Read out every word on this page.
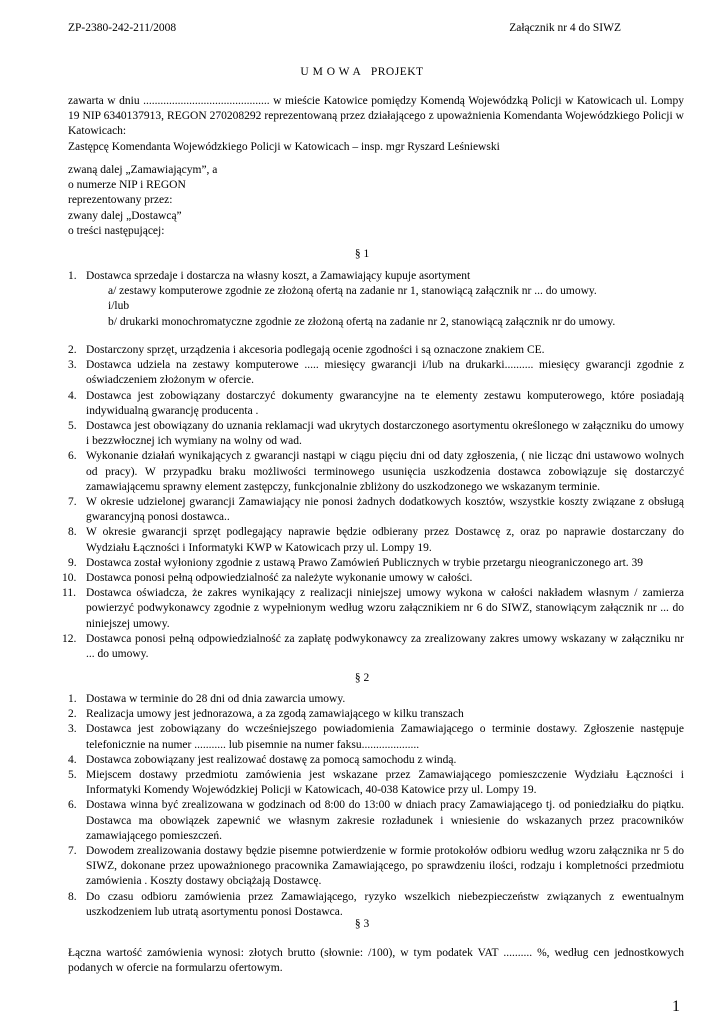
ZP-2380-242-211/2008	Załącznik nr 4 do SIWZ
U M O W A   PROJEKT

zawarta w dniu ............................................ w mieście Katowice pomiędzy Komendą Wojewódzką Policji w Katowicach ul. Lompy 19 NIP 6340137913, REGON 270208292 reprezentowaną przez działającego z upoważnienia Komendanta Wojewódzkiego Policji w Katowicach:

Zastępcę Komendanta Wojewódzkiego Policji w Katowicach – insp. mgr Ryszard Leśniewski

zwaną dalej „Zamawiającym”, a

o numerze NIP i REGON

reprezentowany przez:

zwany dalej „Dostawcą”

o treści następującej:

§ 1
1. Dostawca sprzedaje i dostarcza na własny koszt, a Zamawiający kupuje asortyment

a/ zestawy komputerowe zgodnie ze złożoną ofertą na zadanie nr 1, stanowiącą załącznik nr ... do umowy.

i/lub

b/ drukarki monochromatyczne zgodnie ze złożoną ofertą na zadanie nr 2, stanowiącą załącznik nr do umowy.

2. Dostarczony sprzęt, urządzenia i akcesoria podlegają ocenie zgodności i są oznaczone znakiem CE.
3. Dostawca udziela na zestawy komputerowe ..... miesięcy gwarancji i/lub na drukarki.......... miesięcy gwarancji zgodnie z oświadczeniem złożonym w ofercie.
4. Dostawca jest zobowiązany dostarczyć dokumenty gwarancyjne na te elementy zestawu komputerowego, które posiadają indywidualną gwarancję producenta .
5. Dostawca jest obowiązany do uznania reklamacji wad ukrytych dostarczonego asortymentu określonego w załączniku do umowy i bezzwłocznej ich wymiany na wolny od wad.
6. Wykonanie działań wynikających z gwarancji nastąpi w ciągu pięciu dni od daty zgłoszenia, ( nie licząc dni ustawowo wolnych od pracy). W przypadku braku możliwości terminowego usunięcia uszkodzenia dostawca zobowiązuje się dostarczyć zamawiającemu sprawny element zastępczy, funkcjonalnie zbliżony do uszkodzonego we wskazanym terminie.
7. W okresie udzielonej gwarancji Zamawiający nie ponosi żadnych dodatkowych kosztów, wszystkie koszty związane z obsługą gwarancyjną ponosi dostawca..
8. W okresie gwarancji sprzęt podlegający naprawie będzie odbierany przez Dostawcę z, oraz po naprawie dostarczany do Wydziału Łączności i Informatyki KWP w Katowicach przy ul. Lompy 19.
9. Dostawca został wyłoniony zgodnie z ustawą Prawo Zamówień Publicznych w trybie przetargu nieograniczonego art. 39
10. Dostawca ponosi pełną odpowiedzialność za należyte wykonanie umowy w całości.
11. Dostawca oświadcza, że zakres wynikający z realizacji niniejszej umowy wykona w całości nakładem własnym / zamierza powierzyć podwykonawcy zgodnie z wypełnionym według wzoru załącznikiem nr 6 do SIWZ, stanowiącym załącznik nr ... do niniejszej umowy.
12. Dostawca ponosi pełną odpowiedzialność za zapłatę podwykonawcy za zrealizowany zakres umowy wskazany w załączniku nr ... do umowy.
§ 2
1. Dostawa w terminie do 28 dni od dnia zawarcia umowy.
2. Realizacja umowy jest jednorazowa, a za zgodą zamawiającego w kilku transzach
3. Dostawca jest zobowiązany do wcześniejszego powiadomienia Zamawiającego o terminie dostawy. Zgłoszenie następuje telefonicznie na numer ........... lub pisemnie na numer faksu....................
4. Dostawca zobowiązany jest realizować dostawę za pomocą samochodu z windą.
5. Miejscem dostawy przedmiotu zamówienia jest wskazane przez Zamawiającego pomieszczenie Wydziału Łączności i Informatyki Komendy Wojewódzkiej Policji w Katowicach, 40-038 Katowice przy ul. Lompy 19.
6. Dostawa winna być zrealizowana w godzinach od 8:00 do 13:00 w dniach pracy Zamawiającego tj. od poniedziałku do piątku. Dostawca ma obowiązek zapewnić we własnym zakresie rozładunek i wniesienie do wskazanych przez pracowników zamawiającego pomieszczeń.
7. Dowodem zrealizowania dostawy będzie pisemne potwierdzenie w formie protokołów odbioru według wzoru załącznika nr 5 do SIWZ, dokonane przez upoważnionego pracownika Zamawiającego, po sprawdzeniu ilości, rodzaju i kompletności przedmiotu zamówienia . Koszty dostawy obciążają Dostawcę.
8. Do czasu odbioru zamówienia przez Zamawiającego, ryzyko wszelkich niebezpieczeństw związanych z ewentualnym uszkodzeniem lub utratą asortymentu ponosi Dostawca.
§ 3

Łączna wartość zamówienia wynosi: złotych brutto (słownie: /100), w tym podatek VAT .......... %, według cen jednostkowych podanych w ofercie na formularzu ofertowym.

1
